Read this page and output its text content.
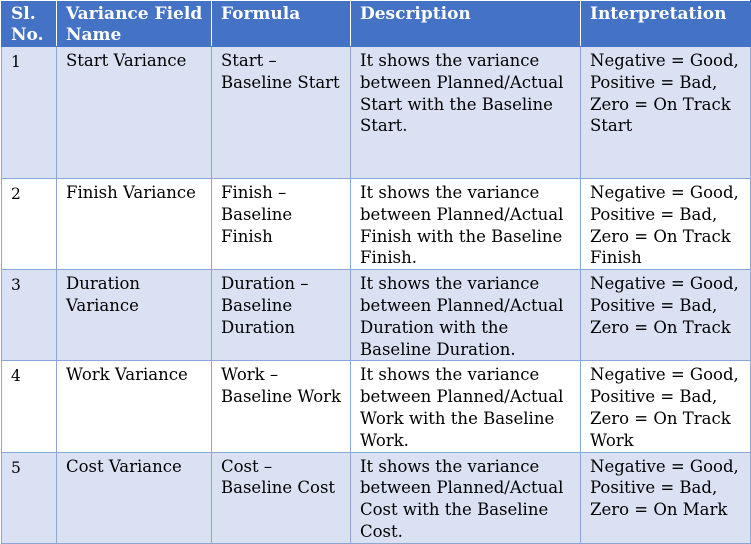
Sl. No.	Variance Field Name	Formula	Description	Interpretation
1	Start Variance	Start – Baseline Start	It shows the variance between Planned/Actual Start with the Baseline Start.	Negative = Good, Positive = Bad, Zero = On Track Start
2	Finish Variance	Finish – Baseline Finish	It shows the variance between Planned/Actual Finish with the Baseline Finish.	Negative = Good, Positive = Bad, Zero = On Track Finish
3	Duration Variance	Duration – Baseline Duration	It shows the variance between Planned/Actual Duration with the Baseline Duration.	Negative = Good, Positive = Bad, Zero = On Track
4	Work Variance	Work – Baseline Work	It shows the variance between Planned/Actual Work with the Baseline Work.	Negative = Good, Positive = Bad, Zero = On Track Work
5	Cost Variance	Cost – Baseline Cost	It shows the variance between Planned/Actual Cost with the Baseline Cost.	Negative = Good, Positive = Bad, Zero = On Mark
